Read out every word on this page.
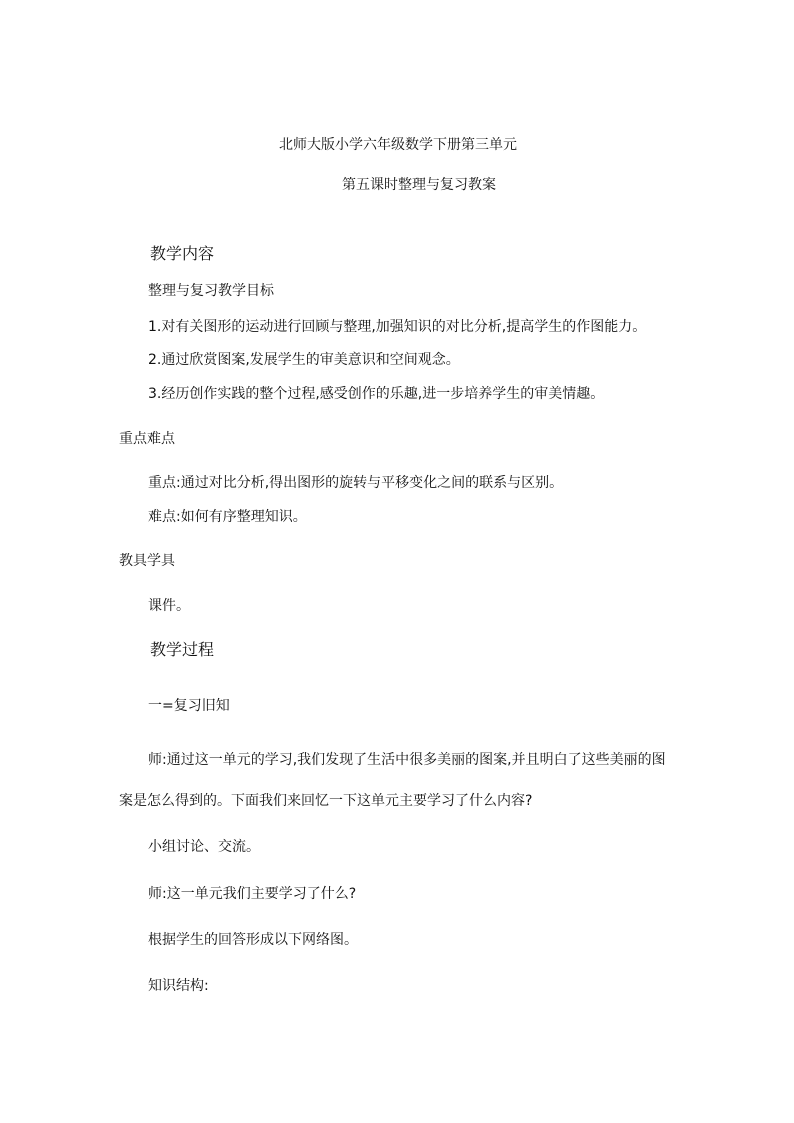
北师大版小学六年级数学下册第三单元
第五课时整理与复习教案
教学内容
整理与复习教学目标
1.对有关图形的运动进行回顾与整理,加强知识的对比分析,提高学生的作图能力。
2.通过欣赏图案,发展学生的审美意识和空间观念。
3.经历创作实践的整个过程,感受创作的乐趣,进一步培养学生的审美情趣。
重点难点
重点:通过对比分析,得出图形的旋转与平移变化之间的联系与区别。
难点:如何有序整理知识。
教具学具
课件。
教学过程
一=复习旧知
师:通过这一单元的学习,我们发现了生活中很多美丽的图案,并且明白了这些美丽的图
案是怎么得到的。下面我们来回忆一下这单元主要学习了什么内容?
小组讨论、交流。
师:这一单元我们主要学习了什么?
根据学生的回答形成以下网络图。
知识结构:
